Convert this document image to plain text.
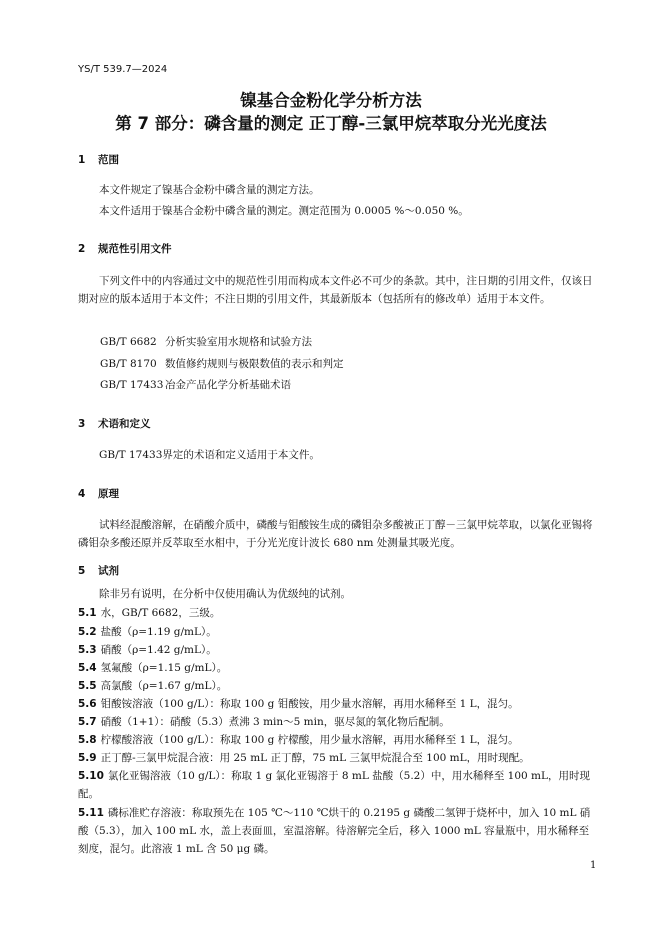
YS/T 539.7—2024
镍基合金粉化学分析方法
第 7 部分：磷含量的测定 正丁醇-三氯甲烷萃取分光光度法
1 范围
本文件规定了镍基合金粉中磷含量的测定方法。
本文件适用于镍基合金粉中磷含量的测定。测定范围为 0.0005 %～0.050 %。
2 规范性引用文件
下列文件中的内容通过文中的规范性引用而构成本文件必不可少的条款。其中，注日期的引用文件，仅该日期对应的版本适用于本文件；不注日期的引用文件，其最新版本（包括所有的修改单）适用于本文件。
GB/T 6682 分析实验室用水规格和试验方法
GB/T 8170 数值修约规则与极限数值的表示和判定
GB/T 17433 冶金产品化学分析基础术语
3 术语和定义
GB/T 17433界定的术语和定义适用于本文件。
4 原理
试料经混酸溶解，在硝酸介质中，磷酸与钼酸铵生成的磷钼杂多酸被正丁醇－三氯甲烷萃取，以氯化亚锡将磷钼杂多酸还原并反萃取至水相中，于分光光度计波长 680 nm 处测量其吸光度。
5 试剂
除非另有说明，在分析中仅使用确认为优级纯的试剂。
5.1 水，GB/T 6682，三级。
5.2 盐酸（ρ=1.19 g/mL）。
5.3 硝酸（ρ=1.42 g/mL）。
5.4 氢氟酸（ρ=1.15 g/mL）。
5.5 高氯酸（ρ=1.67 g/mL）。
5.6 钼酸铵溶液（100 g/L）：称取 100 g 钼酸铵，用少量水溶解，再用水稀释至 1 L，混匀。
5.7 硝酸（1+1）：硝酸（5.3）煮沸 3 min～5 min，驱尽氮的氧化物后配制。
5.8 柠檬酸溶液（100 g/L）：称取 100 g 柠檬酸，用少量水溶解，再用水稀释至 1 L，混匀。
5.9 正丁醇-三氯甲烷混合液：用 25 mL 正丁醇，75 mL 三氯甲烷混合至 100 mL，用时现配。
5.10 氯化亚锡溶液（10 g/L）：称取 1 g 氯化亚锡溶于 8 mL 盐酸（5.2）中，用水稀释至 100 mL，用时现配。
5.11 磷标准贮存溶液：称取预先在 105 ℃～110 ℃烘干的 0.2195 g 磷酸二氢钾于烧杯中，加入 10 mL 硝酸（5.3），加入 100 mL 水，盖上表面皿，室温溶解。待溶解完全后，移入 1000 mL 容量瓶中，用水稀释至刻度，混匀。此溶液 1 mL 含 50 μg 磷。
1
